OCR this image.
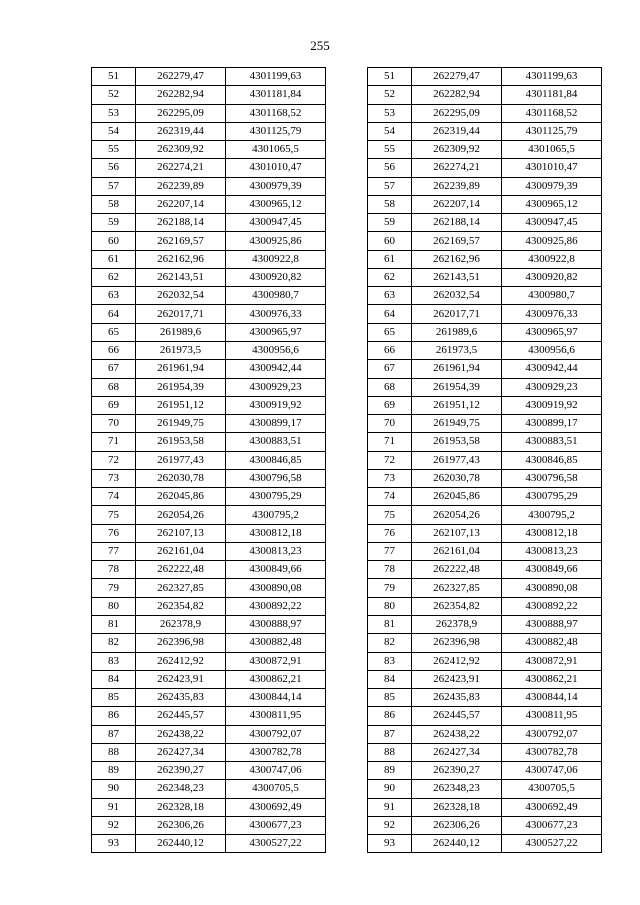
255
51	262279,47	4301199,63
52	262282,94	4301181,84
53	262295,09	4301168,52
54	262319,44	4301125,79
55	262309,92	4301065,5
56	262274,21	4301010,47
57	262239,89	4300979,39
58	262207,14	4300965,12
59	262188,14	4300947,45
60	262169,57	4300925,86
61	262162,96	4300922,8
62	262143,51	4300920,82
63	262032,54	4300980,7
64	262017,71	4300976,33
65	261989,6	4300965,97
66	261973,5	4300956,6
67	261961,94	4300942,44
68	261954,39	4300929,23
69	261951,12	4300919,92
70	261949,75	4300899,17
71	261953,58	4300883,51
72	261977,43	4300846,85
73	262030,78	4300796,58
74	262045,86	4300795,29
75	262054,26	4300795,2
76	262107,13	4300812,18
77	262161,04	4300813,23
78	262222,48	4300849,66
79	262327,85	4300890,08
80	262354,82	4300892,22
81	262378,9	4300888,97
82	262396,98	4300882,48
83	262412,92	4300872,91
84	262423,91	4300862,21
85	262435,83	4300844,14
86	262445,57	4300811,95
87	262438,22	4300792,07
88	262427,34	4300782,78
89	262390,27	4300747,06
90	262348,23	4300705,5
91	262328,18	4300692,49
92	262306,26	4300677,23
93	262440,12	4300527,22
51	262279,47	4301199,63
52	262282,94	4301181,84
53	262295,09	4301168,52
54	262319,44	4301125,79
55	262309,92	4301065,5
56	262274,21	4301010,47
57	262239,89	4300979,39
58	262207,14	4300965,12
59	262188,14	4300947,45
60	262169,57	4300925,86
61	262162,96	4300922,8
62	262143,51	4300920,82
63	262032,54	4300980,7
64	262017,71	4300976,33
65	261989,6	4300965,97
66	261973,5	4300956,6
67	261961,94	4300942,44
68	261954,39	4300929,23
69	261951,12	4300919,92
70	261949,75	4300899,17
71	261953,58	4300883,51
72	261977,43	4300846,85
73	262030,78	4300796,58
74	262045,86	4300795,29
75	262054,26	4300795,2
76	262107,13	4300812,18
77	262161,04	4300813,23
78	262222,48	4300849,66
79	262327,85	4300890,08
80	262354,82	4300892,22
81	262378,9	4300888,97
82	262396,98	4300882,48
83	262412,92	4300872,91
84	262423,91	4300862,21
85	262435,83	4300844,14
86	262445,57	4300811,95
87	262438,22	4300792,07
88	262427,34	4300782,78
89	262390,27	4300747,06
90	262348,23	4300705,5
91	262328,18	4300692,49
92	262306,26	4300677,23
93	262440,12	4300527,22
